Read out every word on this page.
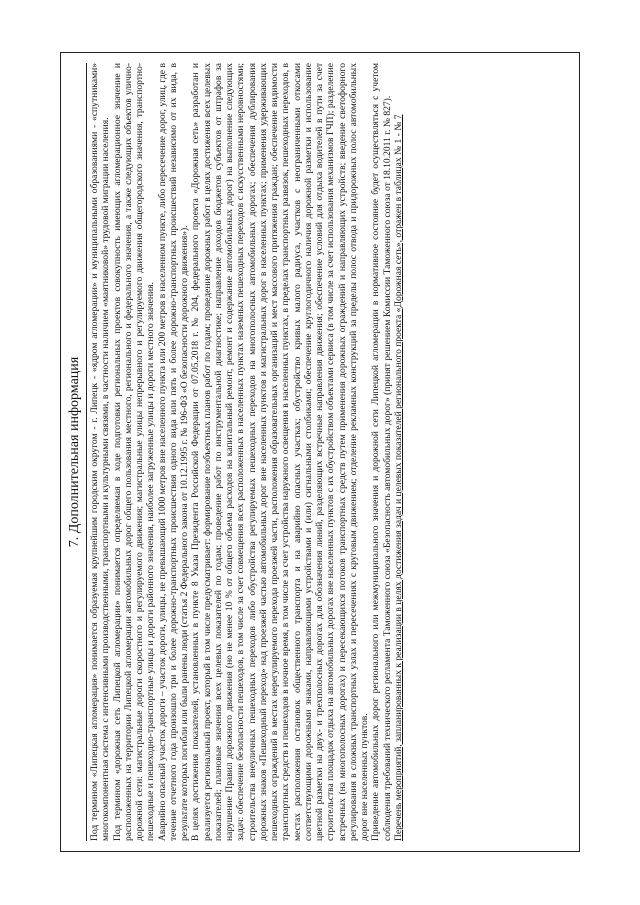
7. Дополнительная информация Под термином «Липецкая агломерация» понимается образуемая крупнейшим городским округом - г. Липецк - «ядром агломерации» и муниципальными образованиями - «спутниками» многокомпонентная система с интенсивными производственными, транспортными и культурными связями, в частности наличием «маятниковой» трудовой миграции населения. Под термином «дорожная сеть Липецкой агломерации» понимается определяемая в ходе подготовки региональных проектов совокупность имеющих агломерационное значение и расположенных на территории Липецкой агломерации автомобильных дорог общего пользования местного, регионального и федерального значения, а также следующих объектов улично-дорожной сети: магистральные дороги скоростного и регулируемого движения; магистральные улицы непрерывного и регулируемого движения общегородского значения, транспортно-пешеходные и пешеходно-транспортные улицы и дороги районного значения, наиболее загруженные улицы и дороги местного значения. Аварийно опасный участок дороги – участок дороги, улицы, не превышающий 1000 метров вне населенного пункта или 200 метров в населенном пункте, либо пересечение дорог, улиц, где в течение отчетного года произошло три и более дорожно-транспортных происшествия одного вида или пять и более дорожно-транспортных происшествий независимо от их вида, в результате которых погибли или были ранены люди (статья 2 Федерального закона от 10.12.1995 г. № 196-ФЗ «О безопасности дорожного движения»). В целях достижения показателей, установленных в пункте 8 Указа Президента Российской Федерации от 07.05.2018 г. № 204, федерального проекта «Дорожная сеть» разработан и реализуется региональный проект, который в том числе предусматривает: формирование поэбъектных планов работ по годам; проведение дорожных работ в целях достижения всех целевых показателей; плановые значения всех целевых показателей по годам; проведение работ по инструментальной диагностике; направление доходов бюджетов субъектов от штрафов за нарушение Правил дорожного движения (но не менее 10 % от общего объема расходов на капитальный ремонт, ремонт и содержание автомобильных дорог) на выполнение следующих задач: обеспечение безопасности пешеходов, в том числе за счет совмещения всех расположенных в населенных пунктах наземных пешеходных переходов с искусственными неровностями; строительства внеуличных пешеходных переходов либо обустройства регулируемых пешеходных переходов на многополосных автомобильных дорогах; обеспечения дублирования дорожных знаков «Пешеходный переход» над проезжей частью автомобильных дорог вне населенных пунктов и магистральных дорог в населенных пунктах; применения удерживающих пешеходных ограждений в местах нерегулируемого перехода проезжей части, расположения образовательных организаций и мест массового притяжения граждан; обеспечение видимости транспортных средств и пешеходов в ночное время, в том числе за счет устройства наружного освещения в населенных пунктах, в пределах транспортных развязок, пешеходных переходов, в местах расположения остановок общественного транспорта и на аварийно опасных участках; обустройство кривых малого радиуса, участков с неограниченными откосами соответствующими дорожными знаками, направляющими устройствами и (или) сигнальными столбиками; обеспечение круглогодичного наличия дорожной разметки и использование цветной разметки на двух- и трехполосных дорогах для обозначения линий, разделяющих встречные направления движения; обеспечение условий для отдыха водителей в пути за счет строительства площадок отдыха на автомобильных дорогах вне населенных пунктов с их обустройством объектами сервиса (в том числе за счет использования механизмов ГЧП); разделение встречных (на многополосных дорогах) и пересекающихся потоков транспортных средств путем применения дорожных ограждений и направляющих устройств; введение светофорного регулирования в сложных транспортных узлах и пересечениях с круговым движением; отделение рекламных конструкций за пределы полос отвода и придорожных полос автомобильных дорог вне населенных пунктов. Приведение автомобильных дорог регионального или межмуниципального значения и дорожной сети Липецкой агломерации в нормативное состояние будет осуществляться с учетом соблюдения требований технического регламента Таможенного союза «Безопасность автомобильных дорог» (принят решением Комиссии Таможенного союза от 18.10.2011 г. № 827). Перечень мероприятий, запланированных к реализации в целях достижения задач и целевых показателей регионального проекта «Дорожная сеть», отражен в таблицах № 1 - № 7
